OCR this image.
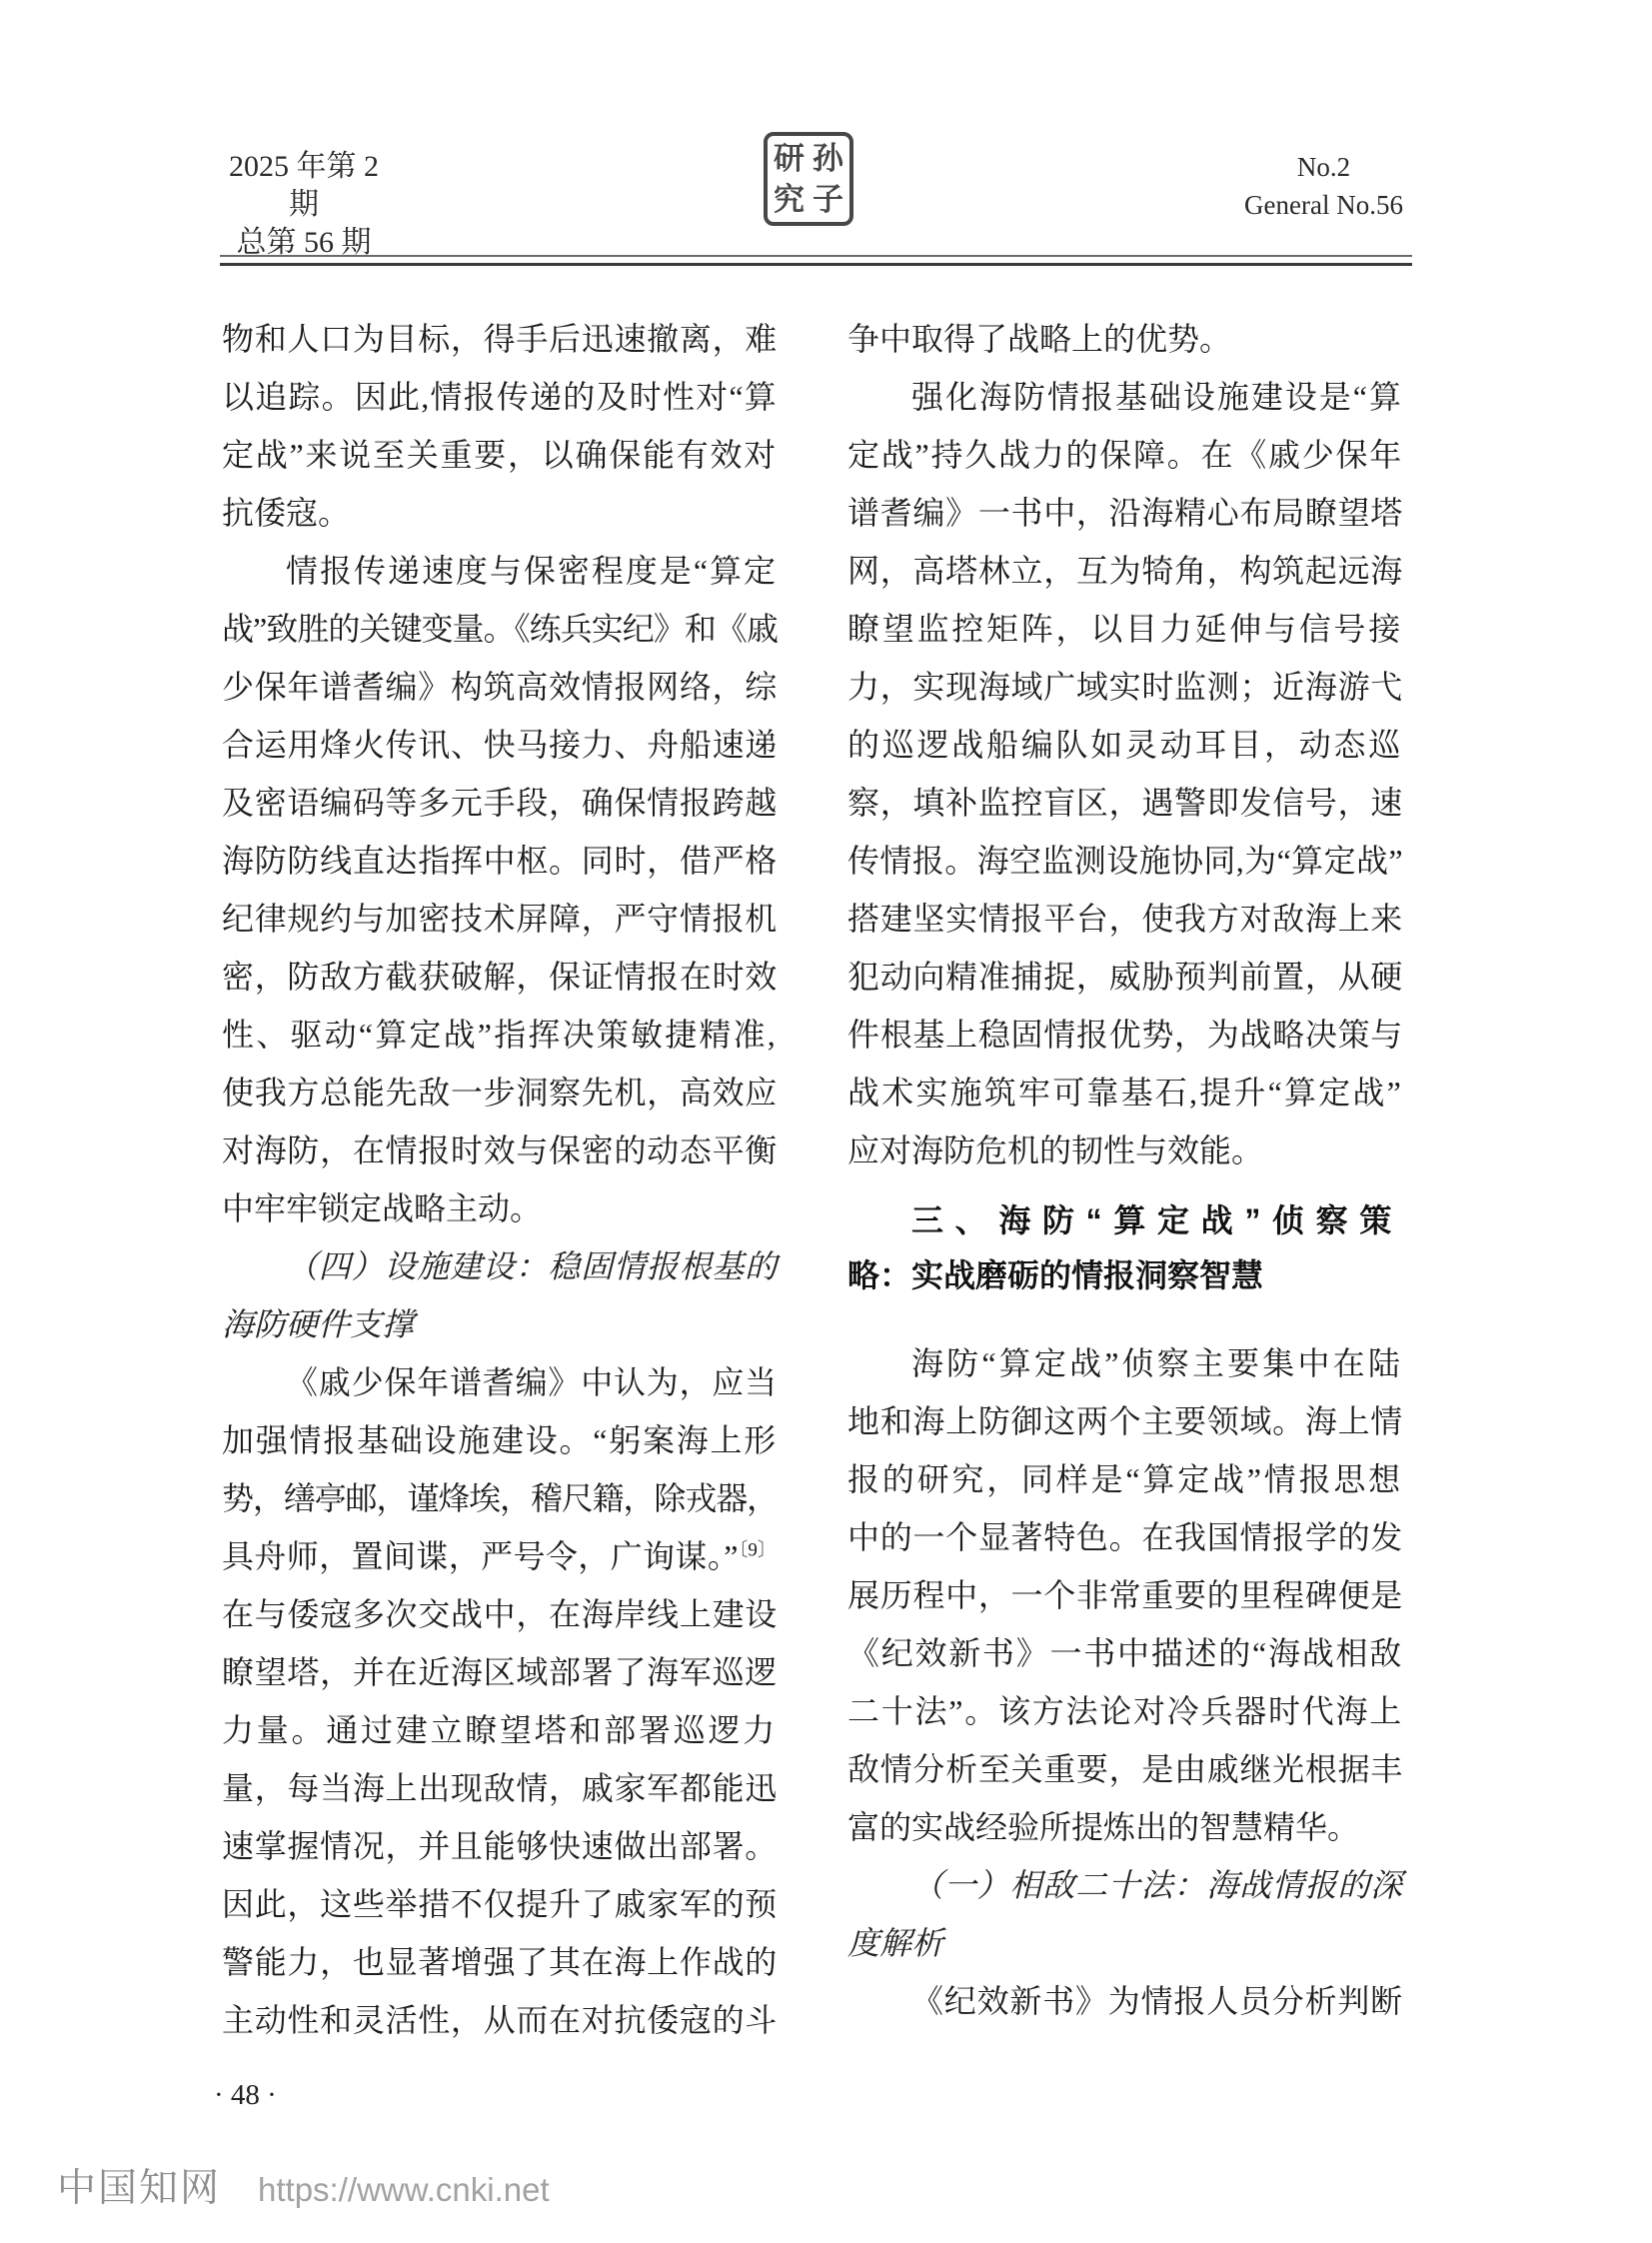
2025 年第 2 期
总第 56 期
研 孙
究 子
No.2
General No.56
物和人口为目标，得手后迅速撤离，难
以追踪。因此,情报传递的及时性对“算
定战”来说至关重要，以确保能有效对
抗倭寇。
情报传递速度与保密程度是“算定
战”致胜的关键变量。《练兵实纪》和《戚
少保年谱耆编》构筑高效情报网络，综
合运用烽火传讯、快马接力、舟船速递
及密语编码等多元手段，确保情报跨越
海防防线直达指挥中枢。同时，借严格
纪律规约与加密技术屏障，严守情报机
密，防敌方截获破解，保证情报在时效
性、驱动“算定战”指挥决策敏捷精准,
使我方总能先敌一步洞察先机，高效应
对海防，在情报时效与保密的动态平衡
中牢牢锁定战略主动。
（四）设施建设：稳固情报根基的
海防硬件支撑
《戚少保年谱耆编》中认为，应当
加强情报基础设施建设。“躬案海上形
势，缮亭邮，谨烽埃，稽尺籍，除戎器，
具舟师，置间谍，严号令，广询谋。”$^{〔9〕}$
在与倭寇多次交战中，在海岸线上建设
瞭望塔，并在近海区域部署了海军巡逻
力量。通过建立瞭望塔和部署巡逻力
量，每当海上出现敌情，戚家军都能迅
速掌握情况，并且能够快速做出部署。
因此，这些举措不仅提升了戚家军的预
警能力，也显著增强了其在海上作战的
主动性和灵活性，从而在对抗倭寇的斗
争中取得了战略上的优势。
强化海防情报基础设施建设是“算
定战”持久战力的保障。在《戚少保年
谱耆编》一书中，沿海精心布局瞭望塔
网，高塔林立，互为犄角，构筑起远海
瞭望监控矩阵，以目力延伸与信号接
力，实现海域广域实时监测；近海游弋
的巡逻战船编队如灵动耳目，动态巡
察，填补监控盲区，遇警即发信号，速
传情报。海空监测设施协同,为“算定战”
搭建坚实情报平台，使我方对敌海上来
犯动向精准捕捉，威胁预判前置，从硬
件根基上稳固情报优势，为战略决策与
战术实施筑牢可靠基石,提升“算定战”
应对海防危机的韧性与效能。
三、海防“算定战”侦察策
略：实战磨砺的情报洞察智慧
海防“算定战”侦察主要集中在陆
地和海上防御这两个主要领域。海上情
报的研究，同样是“算定战”情报思想
中的一个显著特色。在我国情报学的发
展历程中，一个非常重要的里程碑便是
《纪效新书》一书中描述的“海战相敌
二十法”。该方法论对冷兵器时代海上
敌情分析至关重要，是由戚继光根据丰
富的实战经验所提炼出的智慧精华。
（一）相敌二十法：海战情报的深
度解析
《纪效新书》为情报人员分析判断
· 48 ·
中国知网 https://www.cnki.net
